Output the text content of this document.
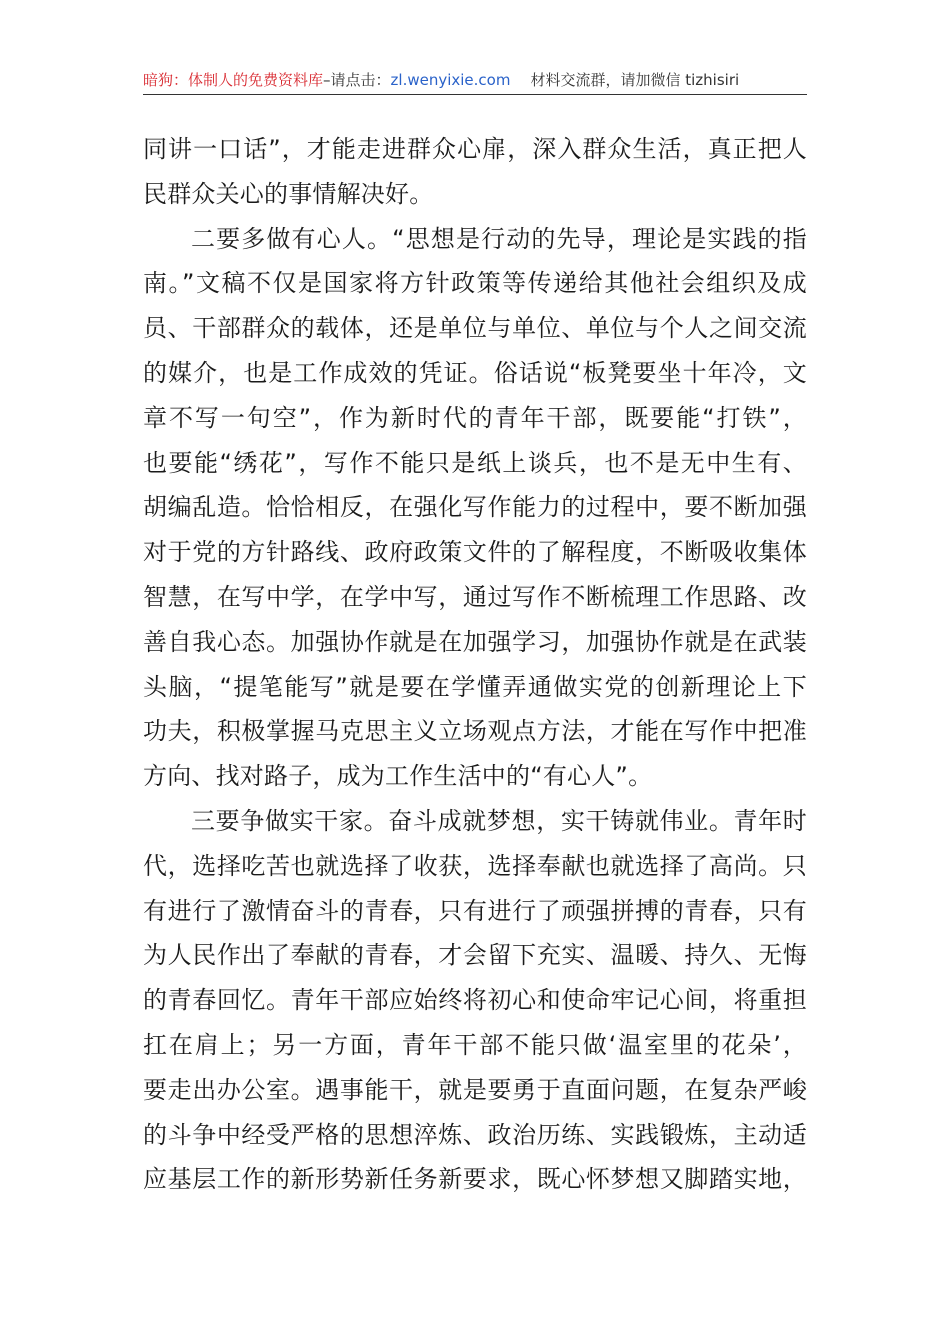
暗狗：体制人的免费资料库–请点击：zl.wenyixie.com 材料交流群，请加微信 tizhisiri
同讲一口话”，才能走进群众心扉，深入群众生活，真正把人
民群众关心的事情解决好。
二要多做有心人。“思想是行动的先导，理论是实践的指
南。”文稿不仅是国家将方针政策等传递给其他社会组织及成
员、干部群众的载体，还是单位与单位、单位与个人之间交流
的媒介，也是工作成效的凭证。俗话说“板凳要坐十年冷，文
章不写一句空”，作为新时代的青年干部，既要能“打铁”，
也要能“绣花”，写作不能只是纸上谈兵，也不是无中生有、
胡编乱造。恰恰相反，在强化写作能力的过程中，要不断加强
对于党的方针路线、政府政策文件的了解程度，不断吸收集体
智慧，在写中学，在学中写，通过写作不断梳理工作思路、改
善自我心态。加强协作就是在加强学习，加强协作就是在武装
头脑，“提笔能写”就是要在学懂弄通做实党的创新理论上下
功夫，积极掌握马克思主义立场观点方法，才能在写作中把准
方向、找对路子，成为工作生活中的“有心人”。
三要争做实干家。奋斗成就梦想，实干铸就伟业。青年时
代，选择吃苦也就选择了收获，选择奉献也就选择了高尚。只
有进行了激情奋斗的青春，只有进行了顽强拼搏的青春，只有
为人民作出了奉献的青春，才会留下充实、温暖、持久、无悔
的青春回忆。青年干部应始终将初心和使命牢记心间，将重担
扛在肩上；另一方面，青年干部不能只做‘温室里的花朵’，
要走出办公室。遇事能干，就是要勇于直面问题，在复杂严峻
的斗争中经受严格的思想淬炼、政治历练、实践锻炼，主动适
应基层工作的新形势新任务新要求，既心怀梦想又脚踏实地，
